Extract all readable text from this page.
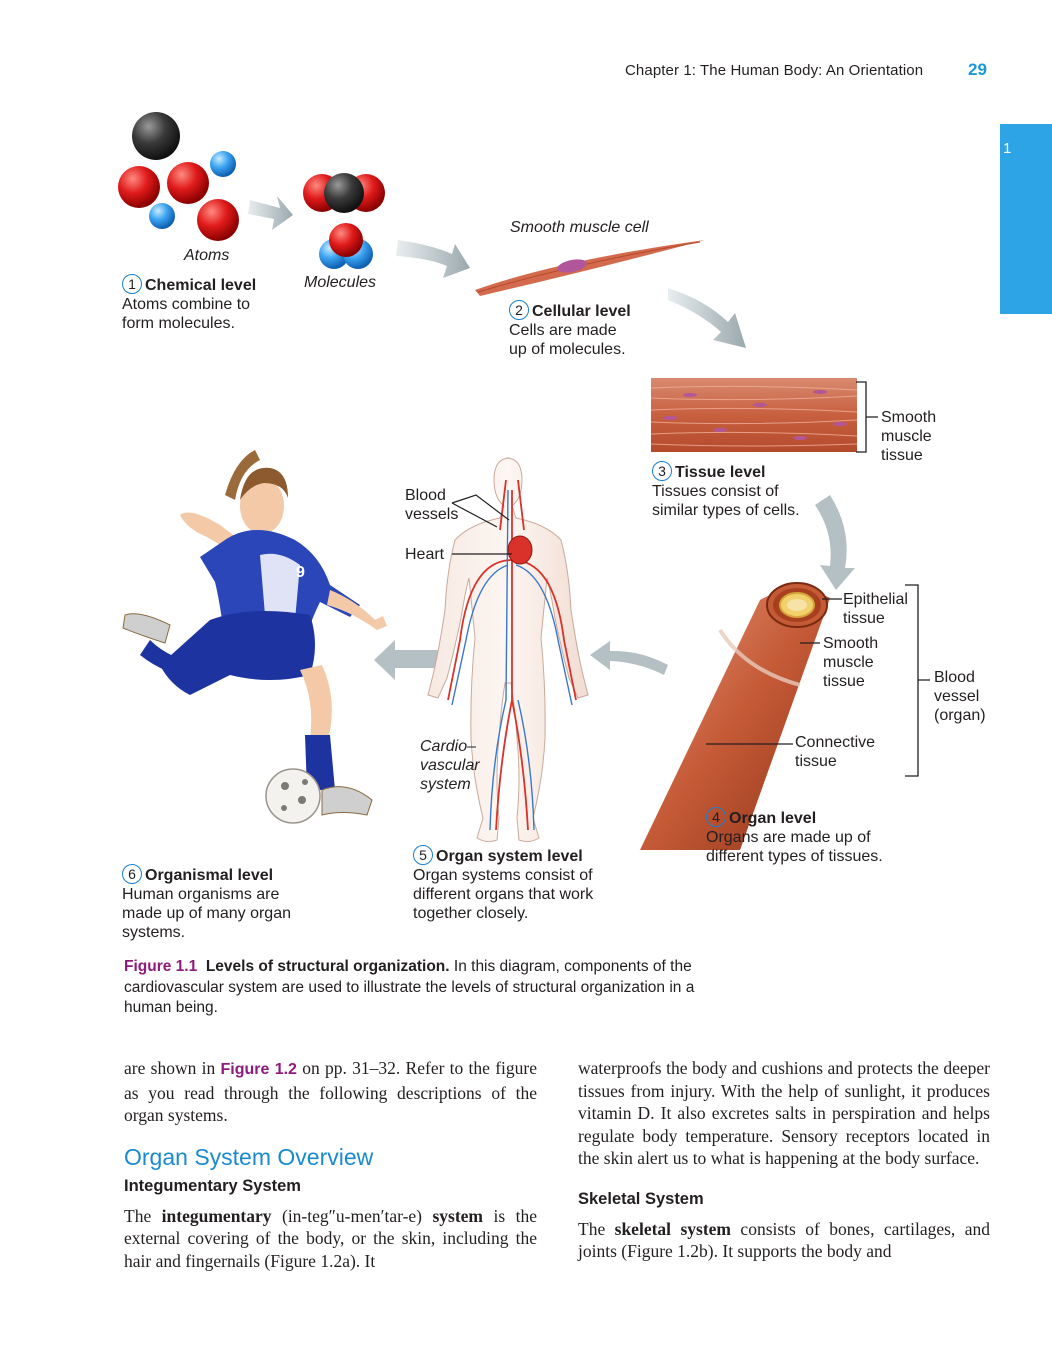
Chapter 1: The Human Body: An Orientation	29
1
9
Atoms
Molecules
Smooth muscle cell
1 Chemical level
Atoms combine to
form molecules.
2 Cellular level
Cells are made
up of molecules.
Smooth
muscle
tissue
3 Tissue level
Tissues consist of
similar types of cells.
Blood
vessels
Heart
Epithelial
tissue
Smooth
muscle
tissue	Blood
vessel
(organ)
Connective
tissue
Cardio–
vascular
system
4 Organ level
Organs are made up of
different types of tissues.
5 Organ system level
Organ systems consist of
different organs that work
together closely.
6 Organismal level
Human organisms are
made up of many organ
systems.
Figure 1.1 Levels of structural organization. In this diagram, components of the cardiovascular system are used to illustrate the levels of structural organization in a human being.

are shown in Figure 1.2 on pp. 31–32. Refer to the figure as you read through the following descriptions of the organ systems.

Organ System Overview
Integumentary System

The integumentary (in-teg″u-men′tar-e) system is the external covering of the body, or the skin, including the hair and fingernails (Figure 1.2a). It

waterproofs the body and cushions and protects the deeper tissues from injury. With the help of sunlight, it produces vitamin D. It also excretes salts in perspiration and helps regulate body temperature. Sensory receptors located in the skin alert us to what is happening at the body surface.

Skeletal System

The skeletal system consists of bones, cartilages, and joints (Figure 1.2b). It supports the body and
